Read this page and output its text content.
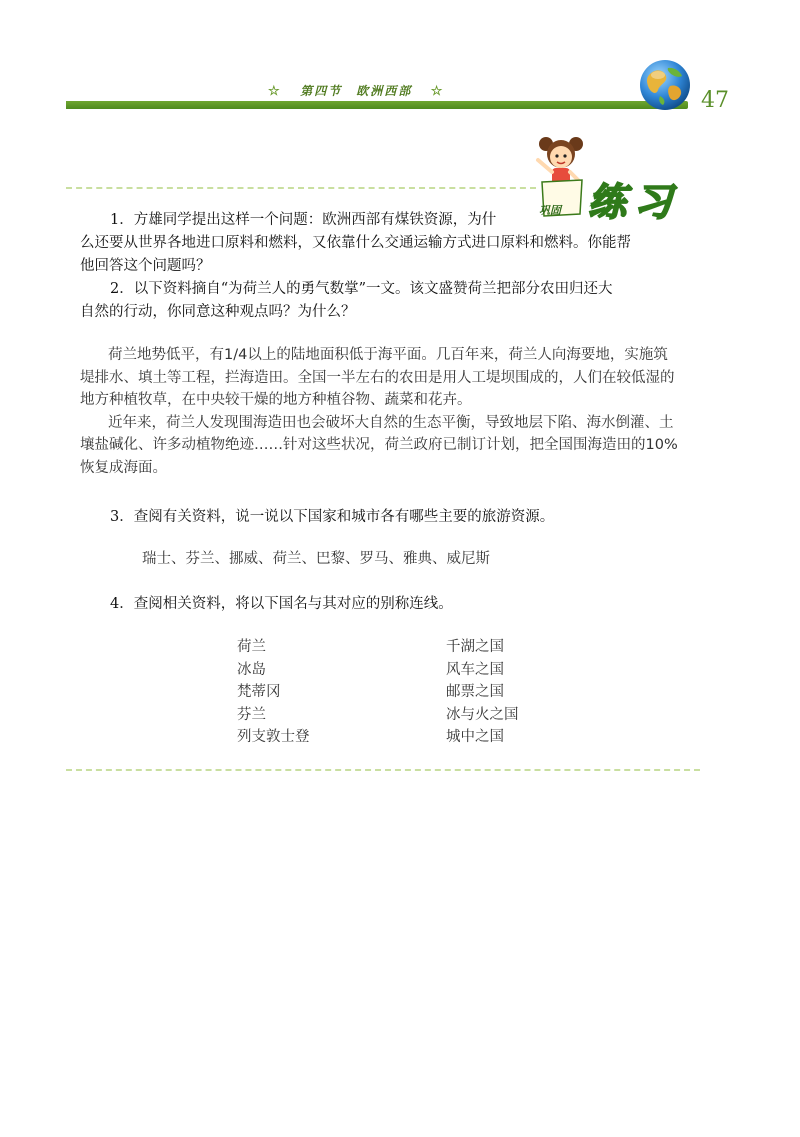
☆ 第四节　欧洲西部 ☆	47
巩固 练习
1．方雄同学提出这样一个问题：欧洲西部有煤铁资源，为什
么还要从世界各地进口原料和燃料，又依靠什么交通运输方式进口原料和燃料。你能帮
他回答这个问题吗？
2．以下资料摘自“为荷兰人的勇气数掌”一文。该文盛赞荷兰把部分农田归还大
自然的行动，你同意这种观点吗？为什么？
荷兰地势低平，有1/4以上的陆地面积低于海平面。几百年来，荷兰人向海要地，实施筑堤排水、填土等工程，拦海造田。全国一半左右的农田是用人工堤坝围成的，人们在较低湿的地方种植牧草，在中央较干燥的地方种植谷物、蔬菜和花卉。
近年来，荷兰人发现围海造田也会破坏大自然的生态平衡，导致地层下陷、海水倒灌、土壤盐碱化、许多动植物绝迹……针对这些状况，荷兰政府已制订计划，把全国围海造田的10%恢复成海面。
3．查阅有关资料，说一说以下国家和城市各有哪些主要的旅游资源。
瑞士、芬兰、挪威、荷兰、巴黎、罗马、雅典、威尼斯
4．查阅相关资料，将以下国名与其对应的别称连线。
荷兰
冰岛
梵蒂冈
芬兰
列支敦士登
千湖之国
风车之国
邮票之国
冰与火之国
城中之国
